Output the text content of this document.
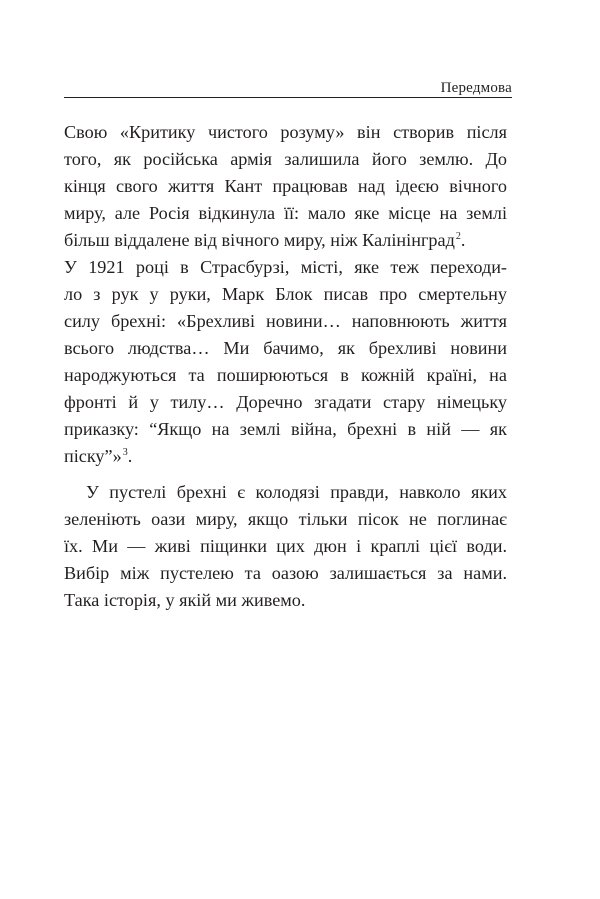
Передмова
Свою «Критику чистого розуму» він створив після
того, як російська армія залишила його землю. До
кінця свого життя Кант працював над ідеєю вічного
миру, але Росія відкинула її: мало яке місце на землі
більш віддалене від вічного миру, ніж Калінінград$^2$.
У 1921 році в Страсбурзі, місті, яке теж переходи-
ло з рук у руки, Марк Блок писав про смертельну
силу брехні: «Брехливі новини… наповнюють життя
всього людства… Ми бачимо, як брехливі новини
народжуються та поширюються в кожній країні, на
фронті й у тилу… Доречно згадати стару німецьку
приказку: “Якщо на землі війна, брехні в ній — як
піску”»$^3$.
У пустелі брехні є колодязі правди, навколо яких
зеленіють оази миру, якщо тільки пісок не поглинає
їх. Ми — живі піщинки цих дюн і краплі цієї води.
Вибір між пустелею та оазою залишається за нами.
Така історія, у якій ми живемо.
